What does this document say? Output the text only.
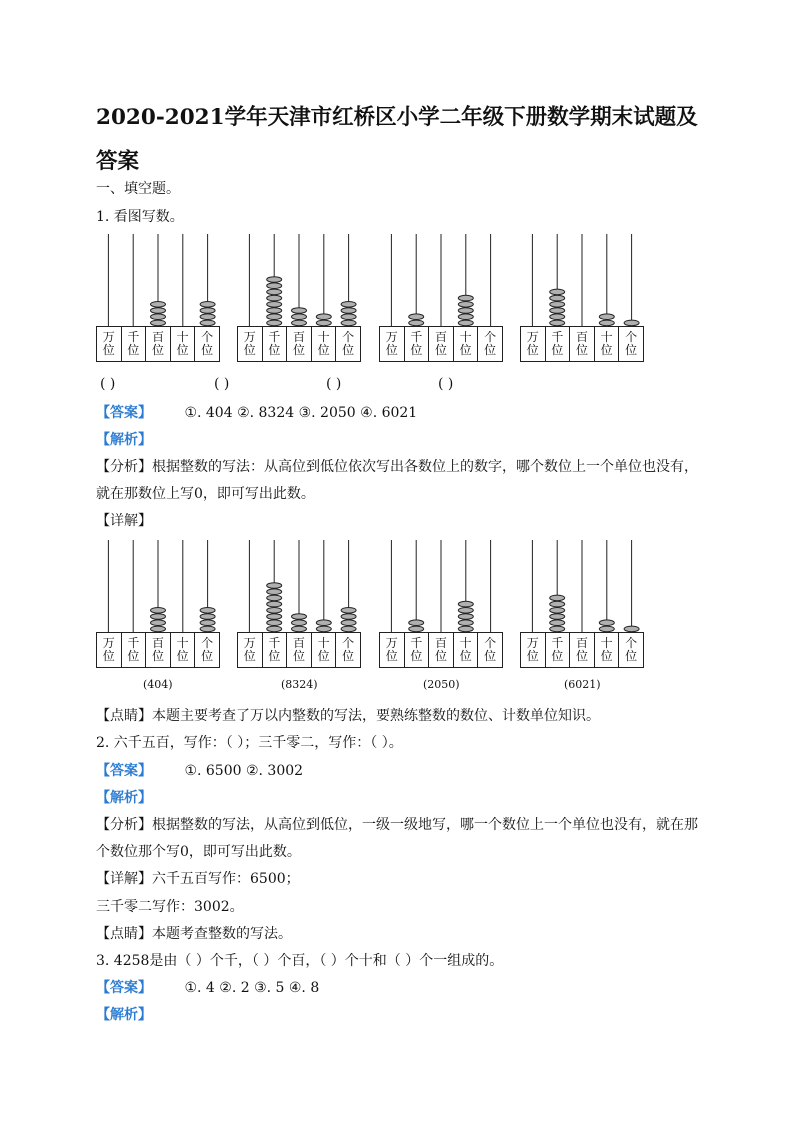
2020-2021学年天津市红桥区小学二年级下册数学期末试题及答案
一、填空题。
1. 看图写数。
万
位
千
位
百
位
十
位
个
位
万
位
千
位
百
位
十
位
个
位
万
位
千
位
百
位
十
位
个
位
万
位
千
位
百
位
十
位
个
位
( )	( )	( )	( )
【答案】 ①. 404 ②. 8324 ③. 2050 ④. 6021
【解析】
【分析】根据整数的写法：从高位到低位依次写出各数位上的数字，哪个数位上一个单位也没有，
就在那数位上写0，即可写出此数。
【详解】
万
位
千
位
百
位
十
位
个
位
万
位
千
位
百
位
十
位
个
位
万
位
千
位
百
位
十
位
个
位
万
位
千
位
百
位
十
位
个
位
(404)	(8324)	(2050)	(6021)
【点睛】本题主要考查了万以内整数的写法，要熟练整数的数位、计数单位知识。
2. 六千五百，写作：（ ）；三千零二，写作：（ ）。
【答案】 ①. 6500 ②. 3002
【解析】
【分析】根据整数的写法，从高位到低位，一级一级地写，哪一个数位上一个单位也没有，就在那
个数位那个写0，即可写出此数。
【详解】六千五百写作：6500；
三千零二写作：3002。
【点睛】本题考查整数的写法。
3. 4258是由（ ）个千，（ ）个百，（ ）个十和（ ）个一组成的。
【答案】 ①. 4 ②. 2 ③. 5 ④. 8
【解析】
